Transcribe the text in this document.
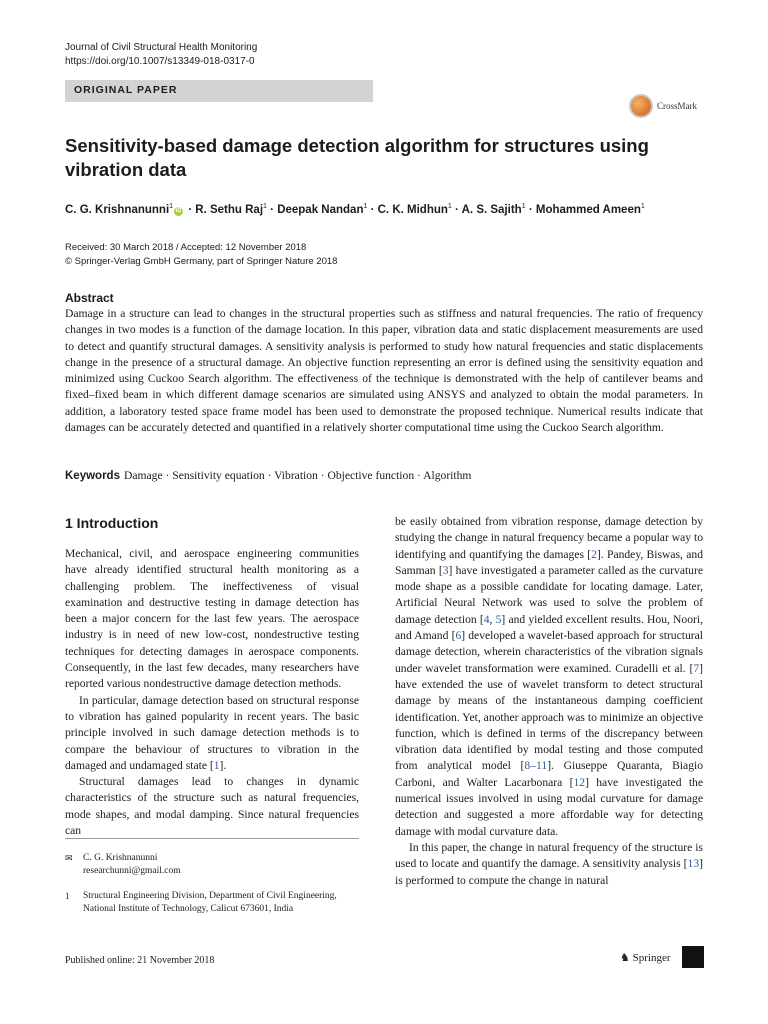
Journal of Civil Structural Health Monitoring
https://doi.org/10.1007/s13349-018-0317-0
ORIGINAL PAPER
CrossMark
Sensitivity-based damage detection algorithm for structures using vibration data
C. G. Krishnanunni$^1$iD · R. Sethu Raj$^1$ · Deepak Nandan$^1$ · C. K. Midhun$^1$ · A. S. Sajith$^1$ · Mohammed Ameen$^1$
Received: 30 March 2018 / Accepted: 12 November 2018
© Springer-Verlag GmbH Germany, part of Springer Nature 2018
Abstract

Damage in a structure can lead to changes in the structural properties such as stiffness and natural frequencies. The ratio of frequency changes in two modes is a function of the damage location. In this paper, vibration data and static displacement measurements are used to detect and quantify structural damages. A sensitivity analysis is performed to study how natural frequencies and static displacements change in the presence of a structural damage. An objective function representing an error is defined using the sensitivity equation and minimized using Cuckoo Search algorithm. The effectiveness of the technique is demonstrated with the help of cantilever beams and fixed–fixed beam in which different damage scenarios are simulated using ANSYS and analyzed to obtain the modal parameters. In addition, a laboratory tested space frame model has been used to demonstrate the proposed technique. Numerical results indicate that damages can be accurately detected and quantified in a relatively shorter computational time using the Cuckoo Search algorithm.

Keywords Damage · Sensitivity equation · Vibration · Objective function · Algorithm
1 Introduction

Mechanical, civil, and aerospace engineering communities have already identified structural health monitoring as a challenging problem. The ineffectiveness of visual examination and destructive testing in damage detection has been a major concern for the last few years. The aerospace industry is in need of new low-cost, nondestructive testing techniques for detecting damages in aerospace components. Consequently, in the last few decades, many researchers have reported various nondestructive damage detection methods.

In particular, damage detection based on structural response to vibration has gained popularity in recent years. The basic principle involved in such damage detection methods is to compare the behaviour of structures to vibration in the damaged and undamaged state [1].

Structural damages lead to changes in dynamic characteristics of the structure such as natural frequencies, mode shapes, and modal damping. Since natural frequencies can

be easily obtained from vibration response, damage detection by studying the change in natural frequency became a popular way to identifying and quantifying the damages [2]. Pandey, Biswas, and Samman [3] have investigated a parameter called as the curvature mode shape as a possible candidate for locating damage. Later, Artificial Neural Network was used to solve the problem of damage detection [4, 5] and yielded excellent results. Hou, Noori, and Amand [6] developed a wavelet-based approach for structural damage detection, wherein characteristics of the vibration signals under wavelet transformation were examined. Curadelli et al. [7] have extended the use of wavelet transform to detect structural damage by means of the instantaneous damping coefficient identification. Yet, another approach was to minimize an objective function, which is defined in terms of the discrepancy between vibration data identified by modal testing and those computed from analytical model [8–11]. Giuseppe Quaranta, Biagio Carboni, and Walter Lacarbonara [12] have investigated the numerical issues involved in using modal curvature for damage detection and suggested a more affordable way for detecting damage with modal curvature data.

In this paper, the change in natural frequency of the structure is used to locate and quantify the damage. A sensitivity analysis [13] is performed to compute the change in natural

✉	C. G. Krishnanunni
researchunni@gmail.com
1	Structural Engineering Division, Department of Civil Engineering, National Institute of Technology, Calicut 673601, India
Published online: 21 November 2018	♞ Springer
